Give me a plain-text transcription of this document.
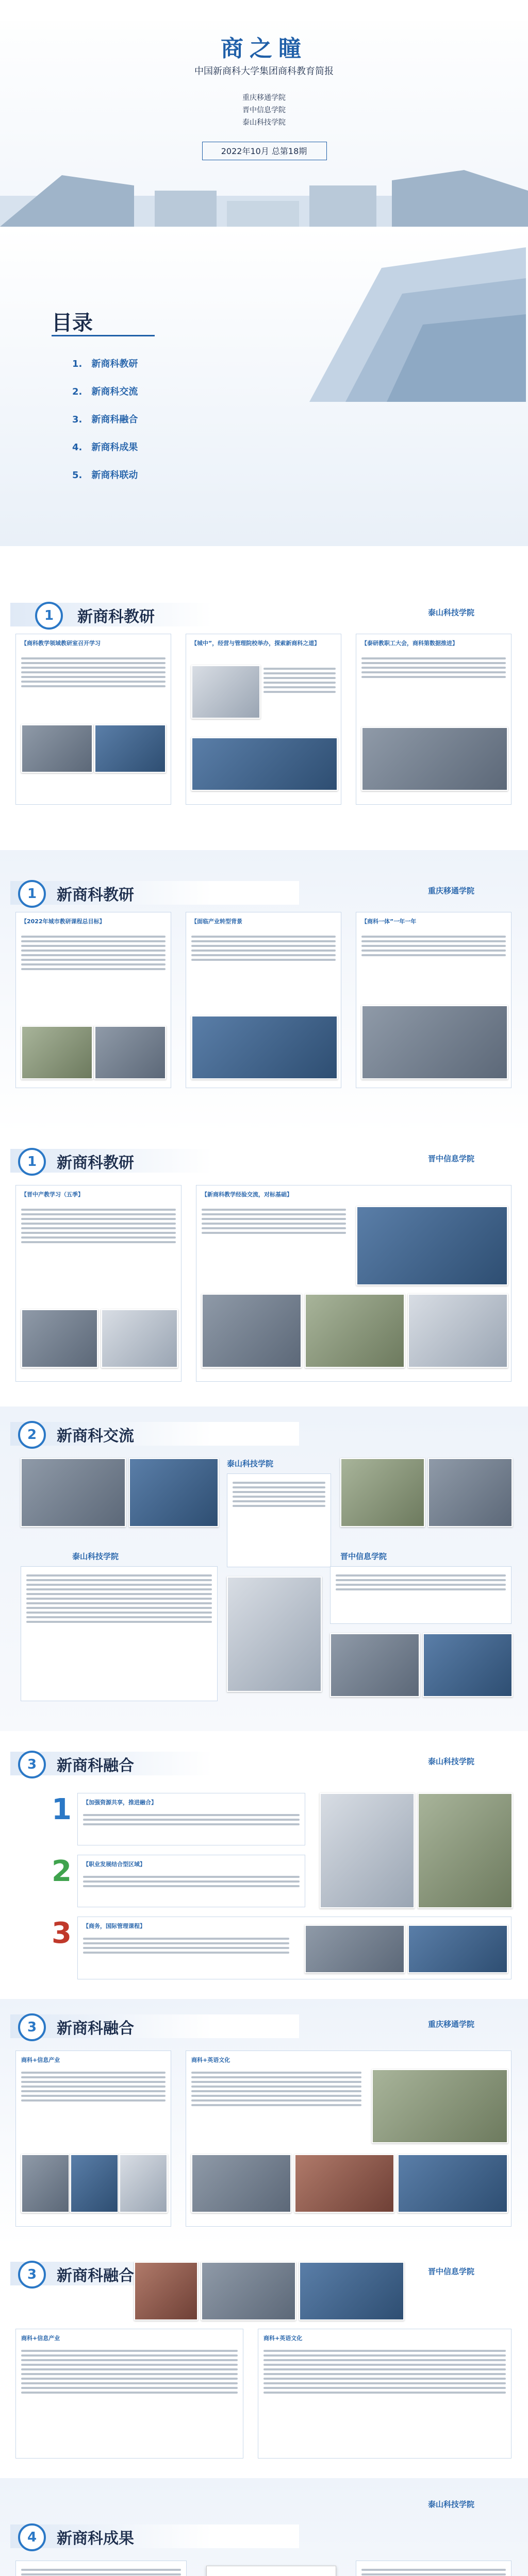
商之瞳
中国新商科大学集团商科教育简报
重庆移通学院
晋中信息学院
泰山科技学院
2022年10月 总第18期
目录
1.　新商科教研
2.　新商科交流
3.　新商科融合
4.　新商科成果
5.　新商科联动
1	新商科教研	泰山科技学院
【商科教学领域教研室召开学习	【城中”，经营与管理院校举办，探索新商科之道】	【泰研教职工大会，商科第数据推进】
1	新商科教研	重庆移通学院
【2022年城市教研课程总目标】	【面临产业转型背景	【商科一体”一年一年
1	新商科教研	晋中信息学院
【晋中产教学习（五季】	【新商科教学经验交流，对标基础】
2	新商科交流
泰山科技学院
泰山科技学院	晋中信息学院
3	新商科融合	泰山科技学院
1 【加强资源共享，推进融合】
2 【职业发展结合型区域】
3 【商务，国际管理课程】
3	新商科融合	重庆移通学院
商科+信息产业	商科+英语文化
3	新商科融合	晋中信息学院
商科+信息产业	商科+英语文化
泰山科技学院
4	新商科成果
